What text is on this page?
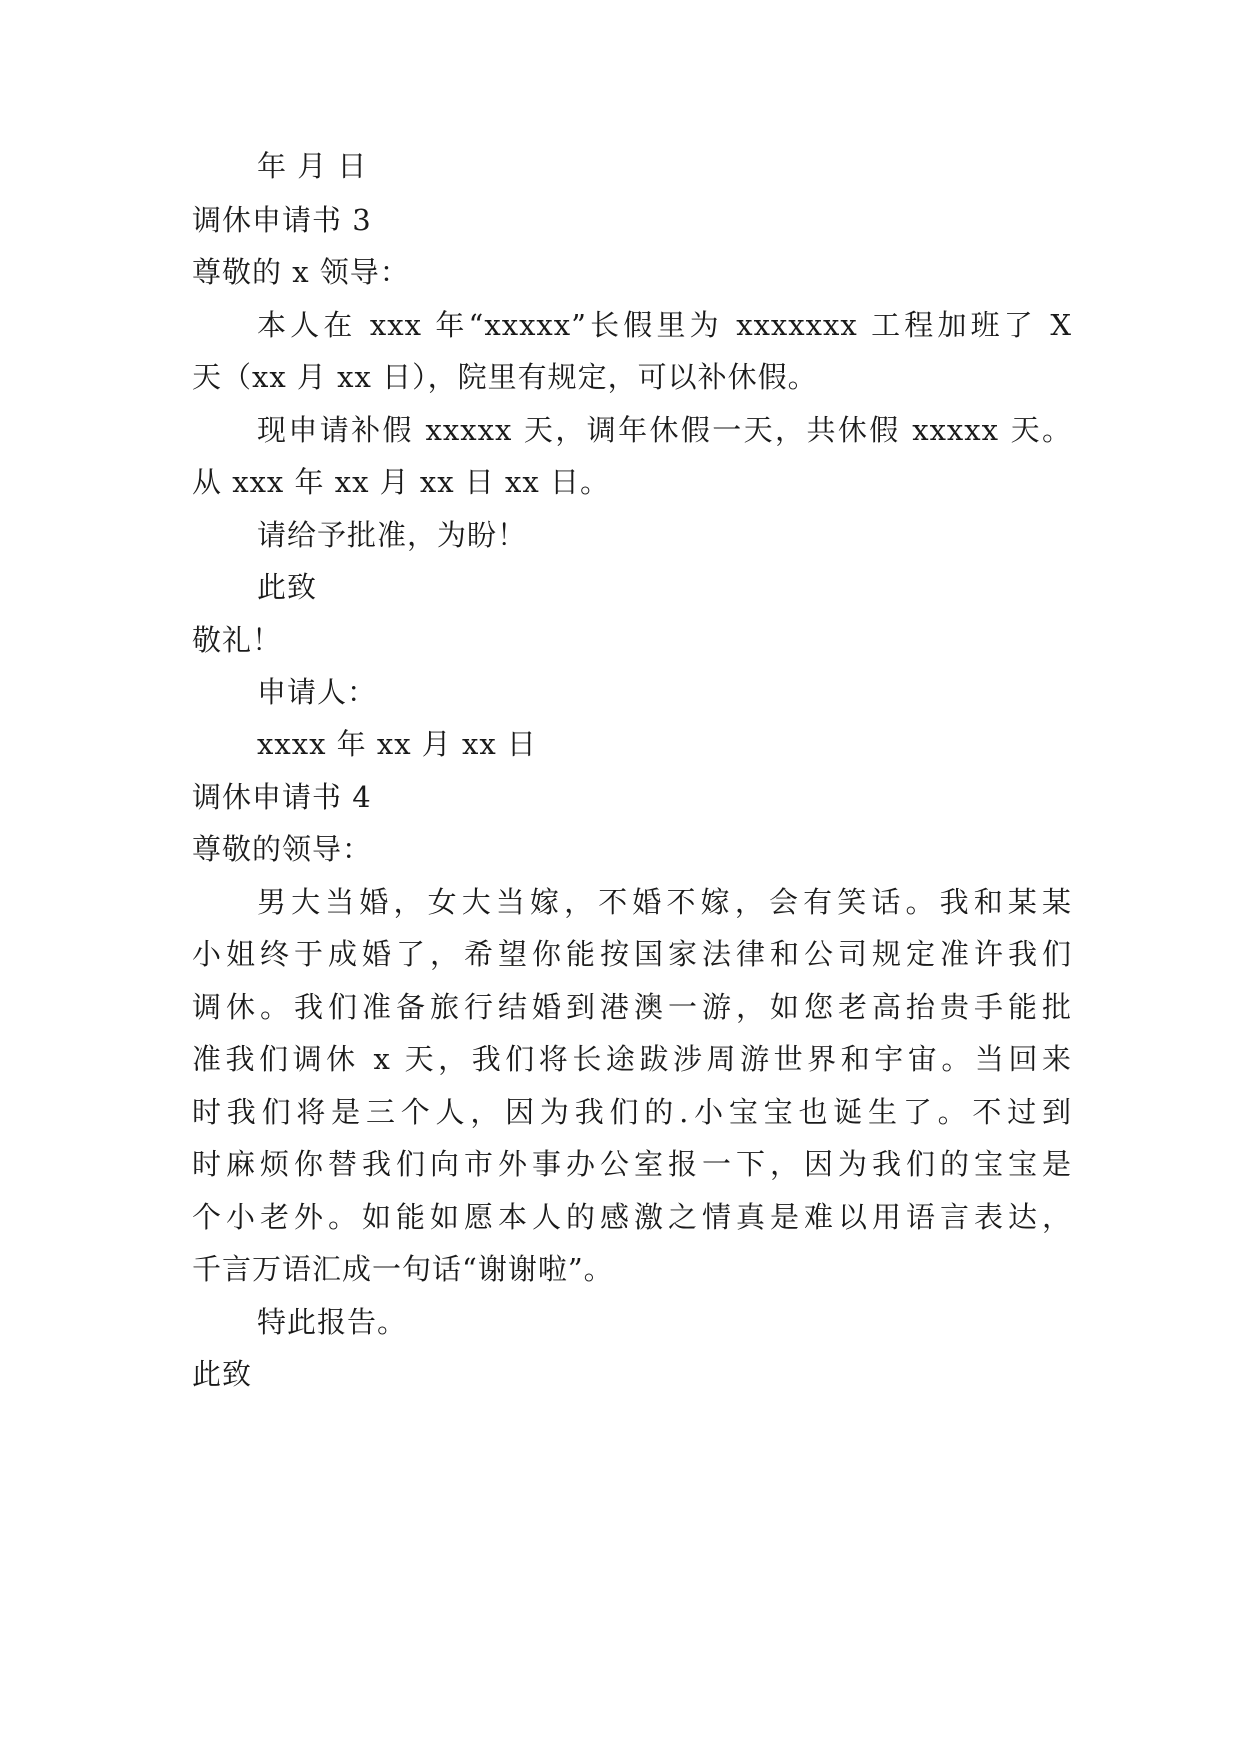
年 月 日
调休申请书 3
尊敬的 x 领导：
本人在 xxx 年“xxxxx”长假里为 xxxxxxx 工程加班了 X
天（xx 月 xx 日），院里有规定，可以补休假。
现申请补假 xxxxx 天，调年休假一天，共休假 xxxxx 天。
从 xxx 年 xx 月 xx 日 xx 日。
请给予批准，为盼！
此致
敬礼！
申请人：
xxxx 年 xx 月 xx 日
调休申请书 4
尊敬的领导：
男大当婚，女大当嫁，不婚不嫁，会有笑话。我和某某
小姐终于成婚了，希望你能按国家法律和公司规定准许我们
调休。我们准备旅行结婚到港澳一游，如您老高抬贵手能批
准我们调休 x 天，我们将长途跋涉周游世界和宇宙。当回来
时我们将是三个人，因为我们的.小宝宝也诞生了。不过到
时麻烦你替我们向市外事办公室报一下，因为我们的宝宝是
个小老外。如能如愿本人的感激之情真是难以用语言表达，
千言万语汇成一句话“谢谢啦”。
特此报告。
此致
